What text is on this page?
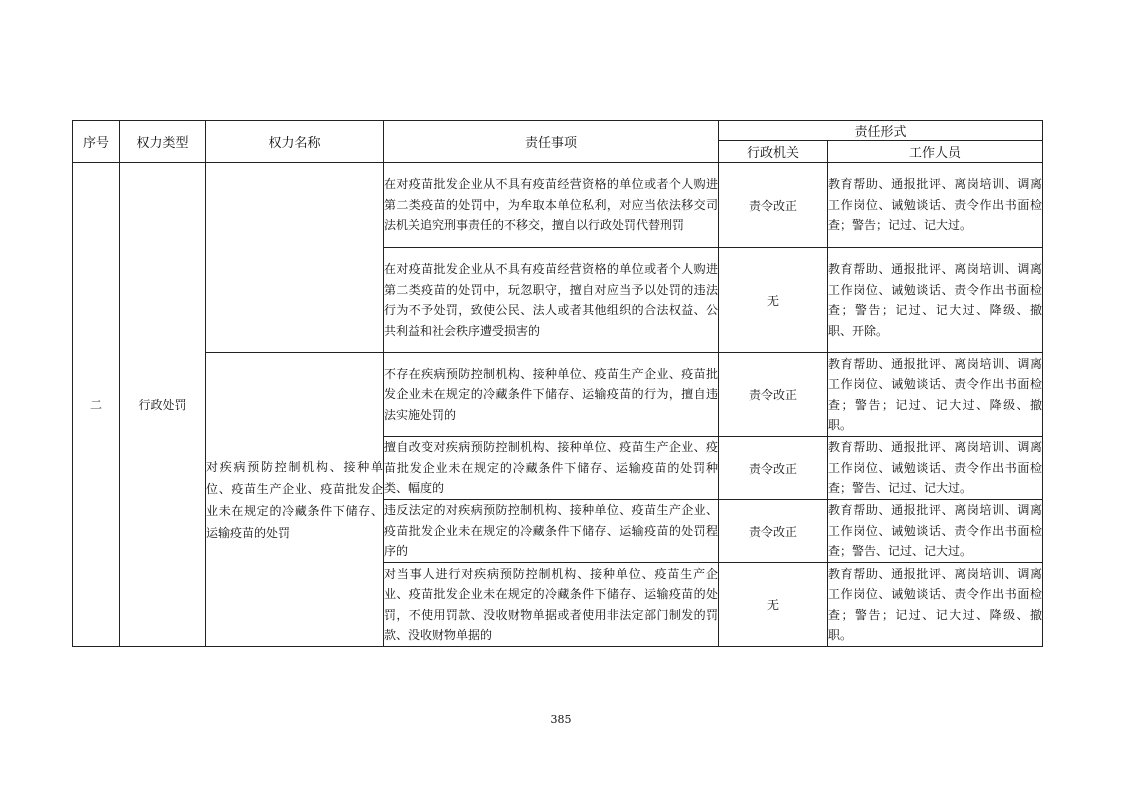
序号	权力类型	权力名称	责任事项	责任形式	
				行政机关	工作人员
二	行政处罚		在对疫苗批发企业从不具有疫苗经营资格的单位或者个人购进第二类疫苗的处罚中，为牟取本单位私利，对应当依法移交司法机关追究刑事责任的不移交，擅自以行政处罚代替刑罚	责令改正	教育帮助、通报批评、离岗培训、调离工作岗位、诫勉谈话、责令作出书面检查；警告；记过、记大过。
			在对疫苗批发企业从不具有疫苗经营资格的单位或者个人购进第二类疫苗的处罚中，玩忽职守，擅自对应当予以处罚的违法行为不予处罚，致使公民、法人或者其他组织的合法权益、公共利益和社会秩序遭受损害的	无	教育帮助、通报批评、离岗培训、调离工作岗位、诫勉谈话、责令作出书面检查；警告；记过、记大过、降级、撤职、开除。
		对疾病预防控制机构、接种单位、疫苗生产企业、疫苗批发企业未在规定的冷藏条件下储存、运输疫苗的处罚	不存在疾病预防控制机构、接种单位、疫苗生产企业、疫苗批发企业未在规定的冷藏条件下储存、运输疫苗的行为，擅自违法实施处罚的	责令改正	教育帮助、通报批评、离岗培训、调离工作岗位、诫勉谈话、责令作出书面检查；警告；记过、记大过、降级、撤职。
			擅自改变对疾病预防控制机构、接种单位、疫苗生产企业、疫苗批发企业未在规定的冷藏条件下储存、运输疫苗的处罚种类、幅度的	责令改正	教育帮助、通报批评、离岗培训、调离工作岗位、诫勉谈话、责令作出书面检查；警告、记过、记大过。
			违反法定的对疾病预防控制机构、接种单位、疫苗生产企业、疫苗批发企业未在规定的冷藏条件下储存、运输疫苗的处罚程序的	责令改正	教育帮助、通报批评、离岗培训、调离工作岗位、诫勉谈话、责令作出书面检查；警告、记过、记大过。
			对当事人进行对疾病预防控制机构、接种单位、疫苗生产企业、疫苗批发企业未在规定的冷藏条件下储存、运输疫苗的处罚，不使用罚款、没收财物单据或者使用非法定部门制发的罚款、没收财物单据的	无	教育帮助、通报批评、离岗培训、调离工作岗位、诫勉谈话、责令作出书面检查；警告；记过、记大过、降级、撤职。
385
